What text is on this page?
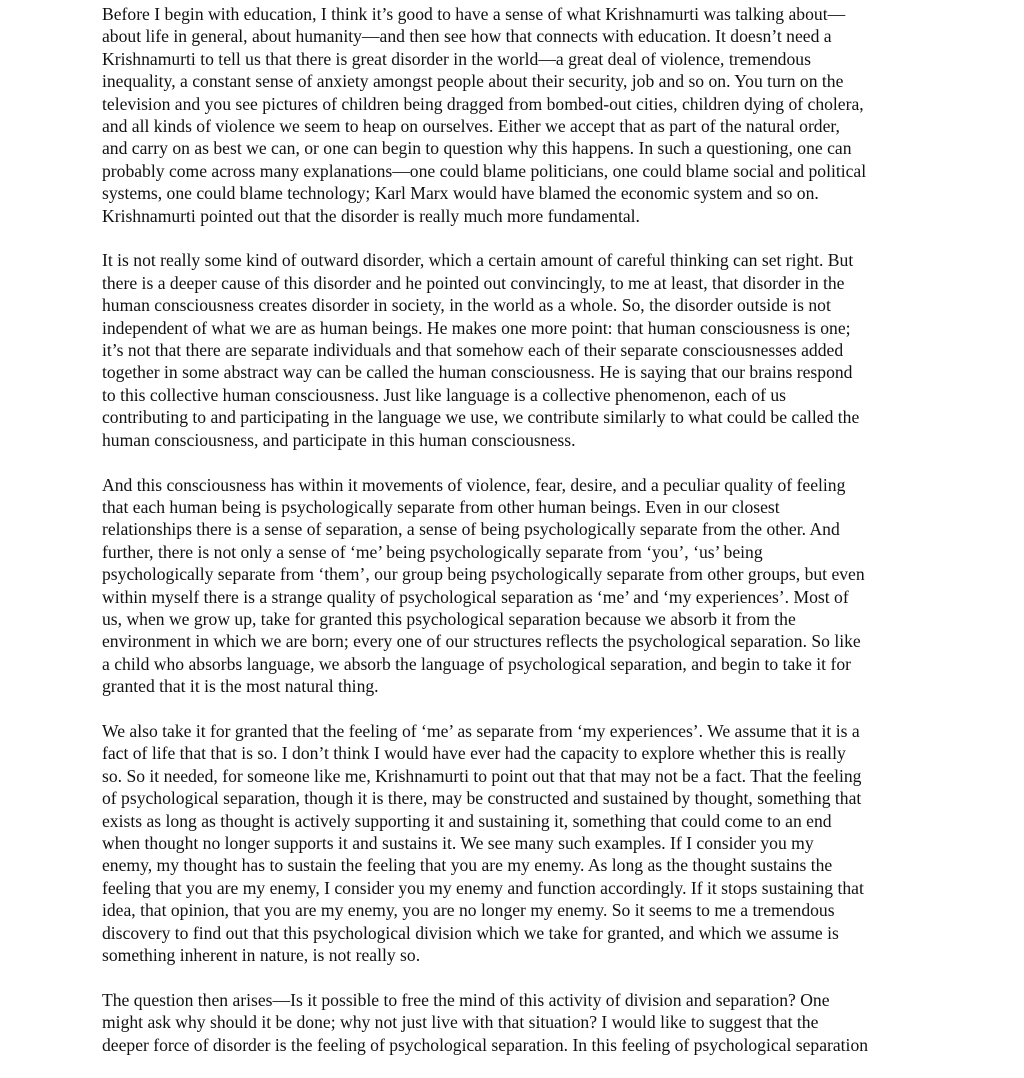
Before I begin with education, I think it’s good to have a sense of what Krishnamurti was talking about—
about life in general, about humanity—and then see how that connects with education. It doesn’t need a
Krishnamurti to tell us that there is great disorder in the world—a great deal of violence, tremendous
inequality, a constant sense of anxiety amongst people about their security, job and so on. You turn on the
television and you see pictures of children being dragged from bombed-out cities, children dying of cholera,
and all kinds of violence we seem to heap on ourselves. Either we accept that as part of the natural order,
and carry on as best we can, or one can begin to question why this happens. In such a questioning, one can
probably come across many explanations—one could blame politicians, one could blame social and political
systems, one could blame technology; Karl Marx would have blamed the economic system and so on.
Krishnamurti pointed out that the disorder is really much more fundamental.

It is not really some kind of outward disorder, which a certain amount of careful thinking can set right. But
there is a deeper cause of this disorder and he pointed out convincingly, to me at least, that disorder in the
human consciousness creates disorder in society, in the world as a whole. So, the disorder outside is not
independent of what we are as human beings. He makes one more point: that human consciousness is one;
it’s not that there are separate individuals and that somehow each of their separate consciousnesses added
together in some abstract way can be called the human consciousness. He is saying that our brains respond
to this collective human consciousness. Just like language is a collective phenomenon, each of us
contributing to and participating in the language we use, we contribute similarly to what could be called the
human consciousness, and participate in this human consciousness.

And this consciousness has within it movements of violence, fear, desire, and a peculiar quality of feeling
that each human being is psychologically separate from other human beings. Even in our closest
relationships there is a sense of separation, a sense of being psychologically separate from the other. And
further, there is not only a sense of ‘me’ being psychologically separate from ‘you’, ‘us’ being
psychologically separate from ‘them’, our group being psychologically separate from other groups, but even
within myself there is a strange quality of psychological separation as ‘me’ and ‘my experiences’. Most of
us, when we grow up, take for granted this psychological separation because we absorb it from the
environment in which we are born; every one of our structures reflects the psychological separation. So like
a child who absorbs language, we absorb the language of psychological separation, and begin to take it for
granted that it is the most natural thing.

We also take it for granted that the feeling of ‘me’ as separate from ‘my experiences’. We assume that it is a
fact of life that that is so. I don’t think I would have ever had the capacity to explore whether this is really
so. So it needed, for someone like me, Krishnamurti to point out that that may not be a fact. That the feeling
of psychological separation, though it is there, may be constructed and sustained by thought, something that
exists as long as thought is actively supporting it and sustaining it, something that could come to an end
when thought no longer supports it and sustains it. We see many such examples. If I consider you my
enemy, my thought has to sustain the feeling that you are my enemy. As long as the thought sustains the
feeling that you are my enemy, I consider you my enemy and function accordingly. If it stops sustaining that
idea, that opinion, that you are my enemy, you are no longer my enemy. So it seems to me a tremendous
discovery to find out that this psychological division which we take for granted, and which we assume is
something inherent in nature, is not really so.

The question then arises—Is it possible to free the mind of this activity of division and separation? One
might ask why should it be done; why not just live with that situation? I would like to suggest that the
deeper force of disorder is the feeling of psychological separation. In this feeling of psychological separation
